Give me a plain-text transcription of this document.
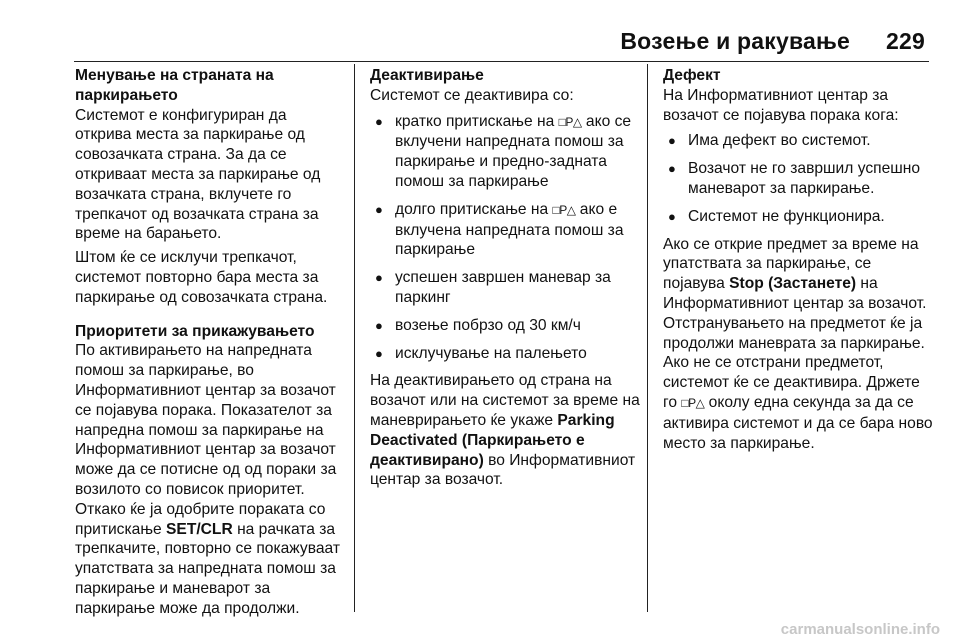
Возење и ракување 229
Менување на страната на паркирањето

Системот е конфигуриран да открива места за паркирање од совозачката страна. За да се откриваат места за паркирање од возачката страна, вклучете го трепкачот од возачката страна за време на барањето.

Штом ќе се исклучи трепкачот, системот повторно бара места за паркирање од совозачката страна.

Приоритети за прикажувањето

По активирањето на напредната помош за паркирање, во Информативниот центар за возачот се појавува порака. Показателот за напредна помош за паркирање на Информативниот центар за возачот може да се потисне од од пораки за возилото со повисок приоритет. Откако ќе ја одобрите пораката со притискање SET/CLR на рачката за трепкачите, повторно се покажуваат упатствата за напредната помош за паркирање и маневарот за паркирање може да продолжи.

Деактивирање

Системот се деактивира со:

● кратко притискање на □P△ ако се вклучени напредната помош за паркирање и предно-задната помош за паркирање
● долго притискање на □P△ ако е вклучена напредната помош за паркирање
● успешен завршен маневар за паркинг
● возење побрзо од 30 км/ч
● исклучување на палењето

На деактивирањето од страна на возачот или на системот за време на маневрирањето ќе укаже Parking Deactivated (Паркирањето е деактивирано) во Информативниот центар за возачот.

Дефект

На Информативниот центар за возачот се појавува порака кога:

● Има дефект во системот.
● Возачот не го завршил успешно маневарот за паркирање.
● Системот не функционира.

Ако се открие предмет за време на упатствата за паркирање, се појавува Stop (Застанете) на Информативниот центар за возачот. Отстранувањето на предметот ќе ја продолжи маневрата за паркирање. Ако не се отстрани предметот, системот ќе се деактивира. Држете го □P△ околу една секунда за да се активира системот и да се бара ново место за паркирање.

carmanualsonline.info
